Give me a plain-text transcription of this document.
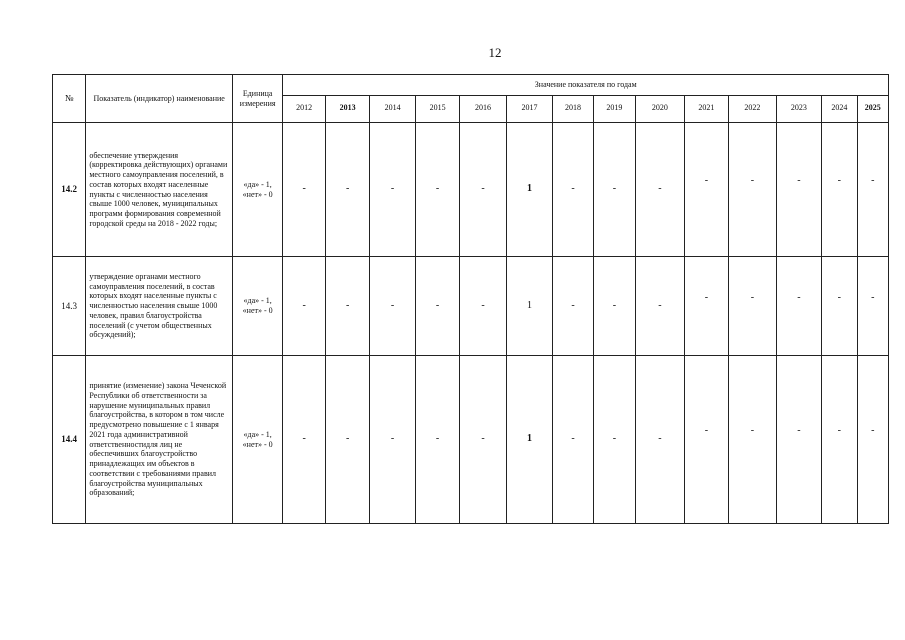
12
№	Показатель (индикатор) наименование	Единица измерения	Значение показателя по годам													
			2012	2013	2014	2015	2016	2017	2018	2019	2020	2021	2022	2023	2024	2025
14.2	обеспечение утверждения (корректировка действующих) органами местного самоуправления поселений, в состав которых входят населенные пункты с численностью населения свыше 1000 человек, муниципальных программ формирования современной городской среды на 2018 - 2022 годы;	«да» - 1, «нет» - 0	-	-	-	-	-	1	-	-	-	-	-	-	-	-
14.3	утверждение органами местного самоуправления поселений, в состав которых входят населенные пункты с численностью населения свыше 1000 человек, правил благоустройства поселений (с учетом общественных обсуждений);	«да» - 1, «нет» - 0	-	-	-	-	-	1	-	-	-	-	-	-	-	-
14.4	принятие (изменение) закона Чеченской Республики об ответственности за нарушение муниципальных правил благоустройства, в котором в том числе предусмотрено повышение с 1 января 2021 года административной ответственностидля лиц не обеспечивших благоустройство принадлежащих им объектов в соответствии с требованиями правил благоустройства муниципальных образований;	«да» - 1, «нет» - 0	-	-	-	-	-	1	-	-	-	-	-	-	-	-
